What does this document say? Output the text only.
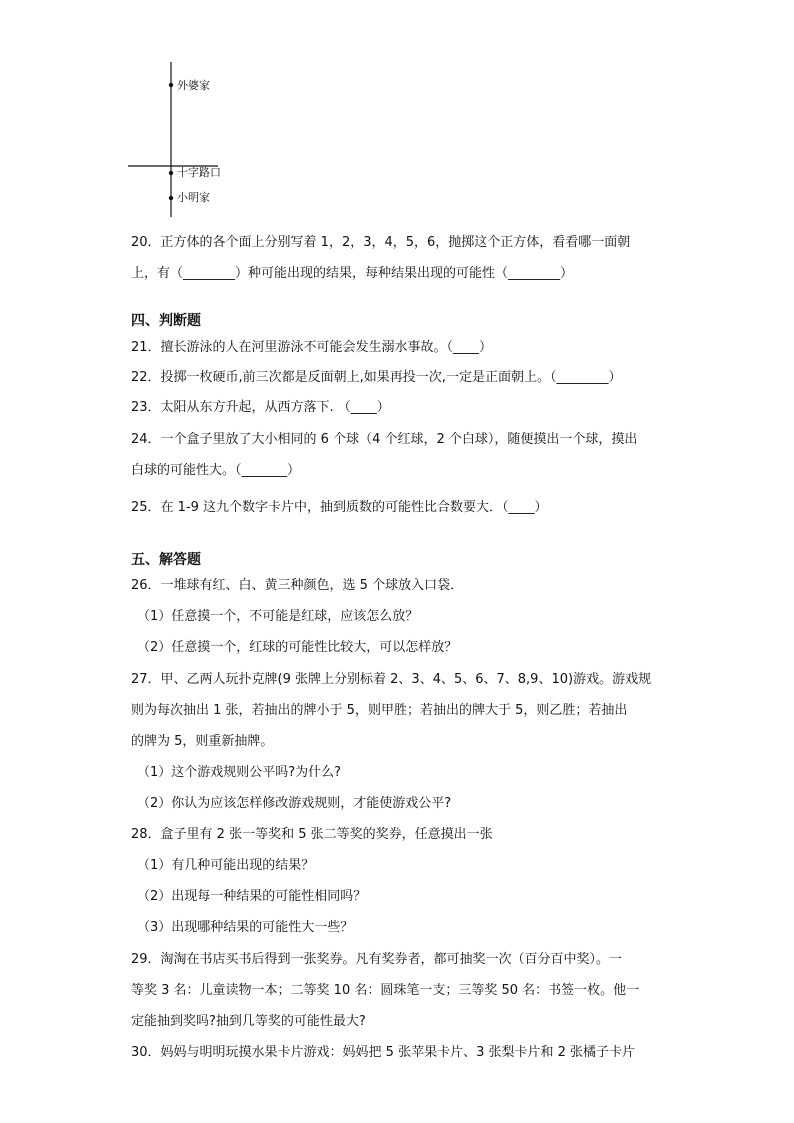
外婆家
十字路口
小明家
20．正方体的各个面上分别写着 1，2，3，4，5，6，抛掷这个正方体，看看哪一面朝
上，有（________）种可能出现的结果，每种结果出现的可能性（________）
四、判断题
21．擅长游泳的人在河里游泳不可能会发生溺水事故。（____）
22．投掷一枚硬币,前三次都是反面朝上,如果再投一次,一定是正面朝上。（________）
23．太阳从东方升起，从西方落下. （____）
24．一个盒子里放了大小相同的 6 个球（4 个红球，2 个白球），随便摸出一个球，摸出
白球的可能性大。（_______）
25．在 1-9 这九个数字卡片中，抽到质数的可能性比合数要大．（____）
五、解答题
26．一堆球有红、白、黄三种颜色，选 5 个球放入口袋．
（1）任意摸一个，不可能是红球，应该怎么放？
（2）任意摸一个，红球的可能性比较大，可以怎样放？
27．甲、乙两人玩扑克牌(9 张牌上分别标着 2、3、4、5、6、7、8,9、10)游戏。游戏规
则为每次抽出 1 张，若抽出的牌小于 5，则甲胜；若抽出的牌大于 5，则乙胜；若抽出
的牌为 5，则重新抽牌。
（1）这个游戏规则公平吗?为什么?
（2）你认为应该怎样修改游戏规则，才能使游戏公平?
28．盒子里有 2 张一等奖和 5 张二等奖的奖券，任意摸出一张
（1）有几种可能出现的结果？
（2）出现每一种结果的可能性相同吗？
（3）出现哪种结果的可能性大一些？
29．淘淘在书店买书后得到一张奖券。凡有奖券者，都可抽奖一次（百分百中奖）。一
等奖 3 名：儿童读物一本；二等奖 10 名：圆珠笔一支；三等奖 50 名：书签一枚。他一
定能抽到奖吗?抽到几等奖的可能性最大?
30．妈妈与明明玩摸水果卡片游戏：妈妈把 5 张苹果卡片、3 张梨卡片和 2 张橘子卡片
